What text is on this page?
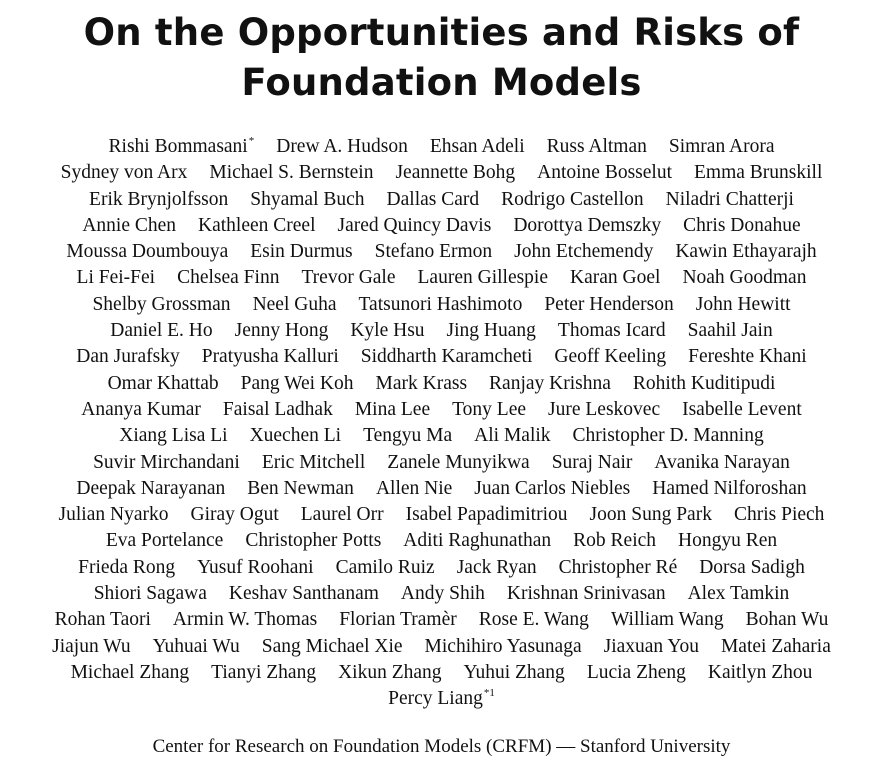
On the Opportunities and Risks of
Foundation Models
Rishi Bommasani* Drew A. Hudson Ehsan Adeli Russ Altman Simran Arora
Sydney von Arx Michael S. Bernstein Jeannette Bohg Antoine Bosselut Emma Brunskill
Erik Brynjolfsson Shyamal Buch Dallas Card Rodrigo Castellon Niladri Chatterji
Annie Chen Kathleen Creel Jared Quincy Davis Dorottya Demszky Chris Donahue
Moussa Doumbouya Esin Durmus Stefano Ermon John Etchemendy Kawin Ethayarajh
Li Fei-Fei Chelsea Finn Trevor Gale Lauren Gillespie Karan Goel Noah Goodman
Shelby Grossman Neel Guha Tatsunori Hashimoto Peter Henderson John Hewitt
Daniel E. Ho Jenny Hong Kyle Hsu Jing Huang Thomas Icard Saahil Jain
Dan Jurafsky Pratyusha Kalluri Siddharth Karamcheti Geoff Keeling Fereshte Khani
Omar Khattab Pang Wei Koh Mark Krass Ranjay Krishna Rohith Kuditipudi
Ananya Kumar Faisal Ladhak Mina Lee Tony Lee Jure Leskovec Isabelle Levent
Xiang Lisa Li Xuechen Li Tengyu Ma Ali Malik Christopher D. Manning
Suvir Mirchandani Eric Mitchell Zanele Munyikwa Suraj Nair Avanika Narayan
Deepak Narayanan Ben Newman Allen Nie Juan Carlos Niebles Hamed Nilforoshan
Julian Nyarko Giray Ogut Laurel Orr Isabel Papadimitriou Joon Sung Park Chris Piech
Eva Portelance Christopher Potts Aditi Raghunathan Rob Reich Hongyu Ren
Frieda Rong Yusuf Roohani Camilo Ruiz Jack Ryan Christopher Ré Dorsa Sadigh
Shiori Sagawa Keshav Santhanam Andy Shih Krishnan Srinivasan Alex Tamkin
Rohan Taori Armin W. Thomas Florian Tramèr Rose E. Wang William Wang Bohan Wu
Jiajun Wu Yuhuai Wu Sang Michael Xie Michihiro Yasunaga Jiaxuan You Matei Zaharia
Michael Zhang Tianyi Zhang Xikun Zhang Yuhui Zhang Lucia Zheng Kaitlyn Zhou
Percy Liang$^{*1}$
Center for Research on Foundation Models (CRFM) — Stanford University
